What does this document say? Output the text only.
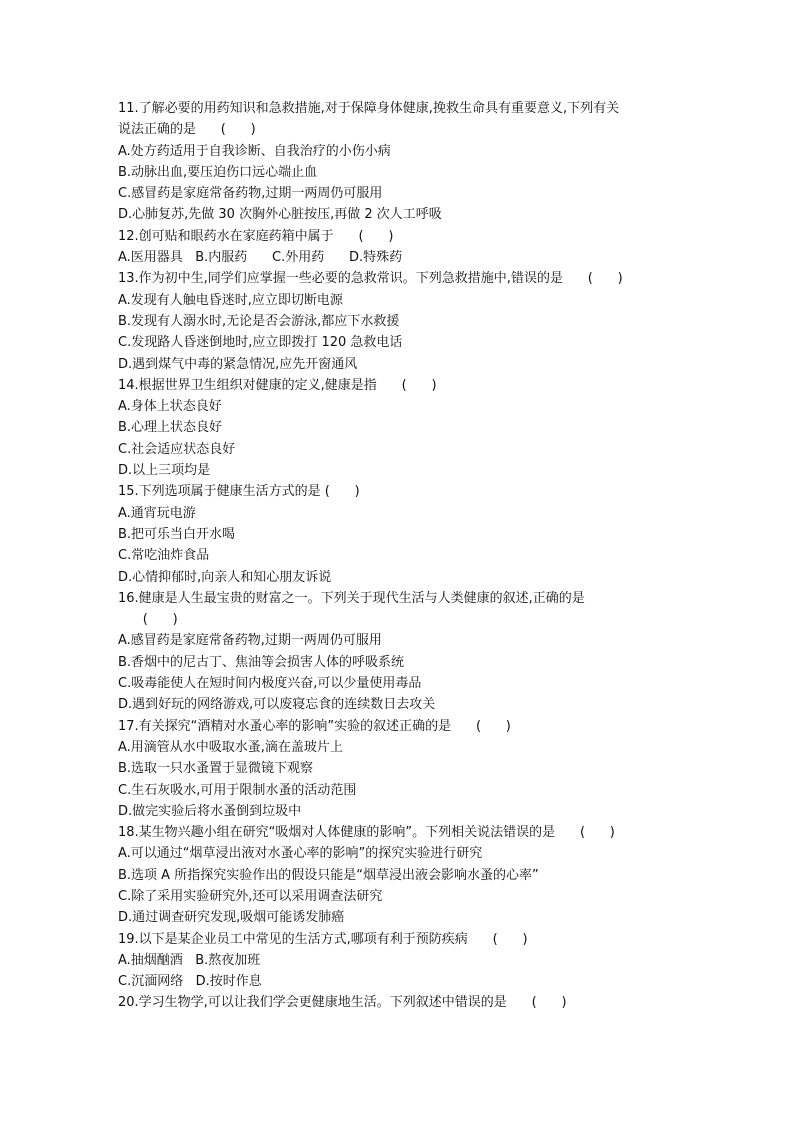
11.了解必要的用药知识和急救措施,对于保障身体健康,挽救生命具有重要意义,下列有关
说法正确的是      (      )
A.处方药适用于自我诊断、自我治疗的小伤小病
B.动脉出血,要压迫伤口远心端止血
C.感冒药是家庭常备药物,过期一两周仍可服用
D.心肺复苏,先做 30 次胸外心脏按压,再做 2 次人工呼吸
12.创可贴和眼药水在家庭药箱中属于      (      )
A.医用器具   B.内服药      C.外用药      D.特殊药
13.作为初中生,同学们应掌握一些必要的急救常识。下列急救措施中,错误的是      (      )
A.发现有人触电昏迷时,应立即切断电源
B.发现有人溺水时,无论是否会游泳,都应下水救援
C.发现路人昏迷倒地时,应立即拨打 120 急救电话
D.遇到煤气中毒的紧急情况,应先开窗通风
14.根据世界卫生组织对健康的定义,健康是指      (      )
A.身体上状态良好
B.心理上状态良好
C.社会适应状态良好
D.以上三项均是
15.下列选项属于健康生活方式的是 (      )
A.通宵玩电游
B.把可乐当白开水喝
C.常吃油炸食品
D.心情抑郁时,向亲人和知心朋友诉说
16.健康是人生最宝贵的财富之一。下列关于现代生活与人类健康的叙述,正确的是
(      )
A.感冒药是家庭常备药物,过期一两周仍可服用
B.香烟中的尼古丁、焦油等会损害人体的呼吸系统
C.吸毒能使人在短时间内极度兴奋,可以少量使用毒品
D.遇到好玩的网络游戏,可以废寝忘食的连续数日去攻关
17.有关探究“酒精对水蚤心率的影响”实验的叙述正确的是      (      )
A.用滴管从水中吸取水蚤,滴在盖玻片上
B.选取一只水蚤置于显微镜下观察
C.生石灰吸水,可用于限制水蚤的活动范围
D.做完实验后将水蚤倒到垃圾中
18.某生物兴趣小组在研究“吸烟对人体健康的影响”。下列相关说法错误的是      (      )
A.可以通过“烟草浸出液对水蚤心率的影响”的探究实验进行研究
B.选项 A 所指探究实验作出的假设只能是“烟草浸出液会影响水蚤的心率”
C.除了采用实验研究外,还可以采用调查法研究
D.通过调查研究发现,吸烟可能诱发肺癌
19.以下是某企业员工中常见的生活方式,哪项有利于预防疾病      (      )
A.抽烟酗酒   B.熬夜加班
C.沉湎网络   D.按时作息
20.学习生物学,可以让我们学会更健康地生活。下列叙述中错误的是      (      )
